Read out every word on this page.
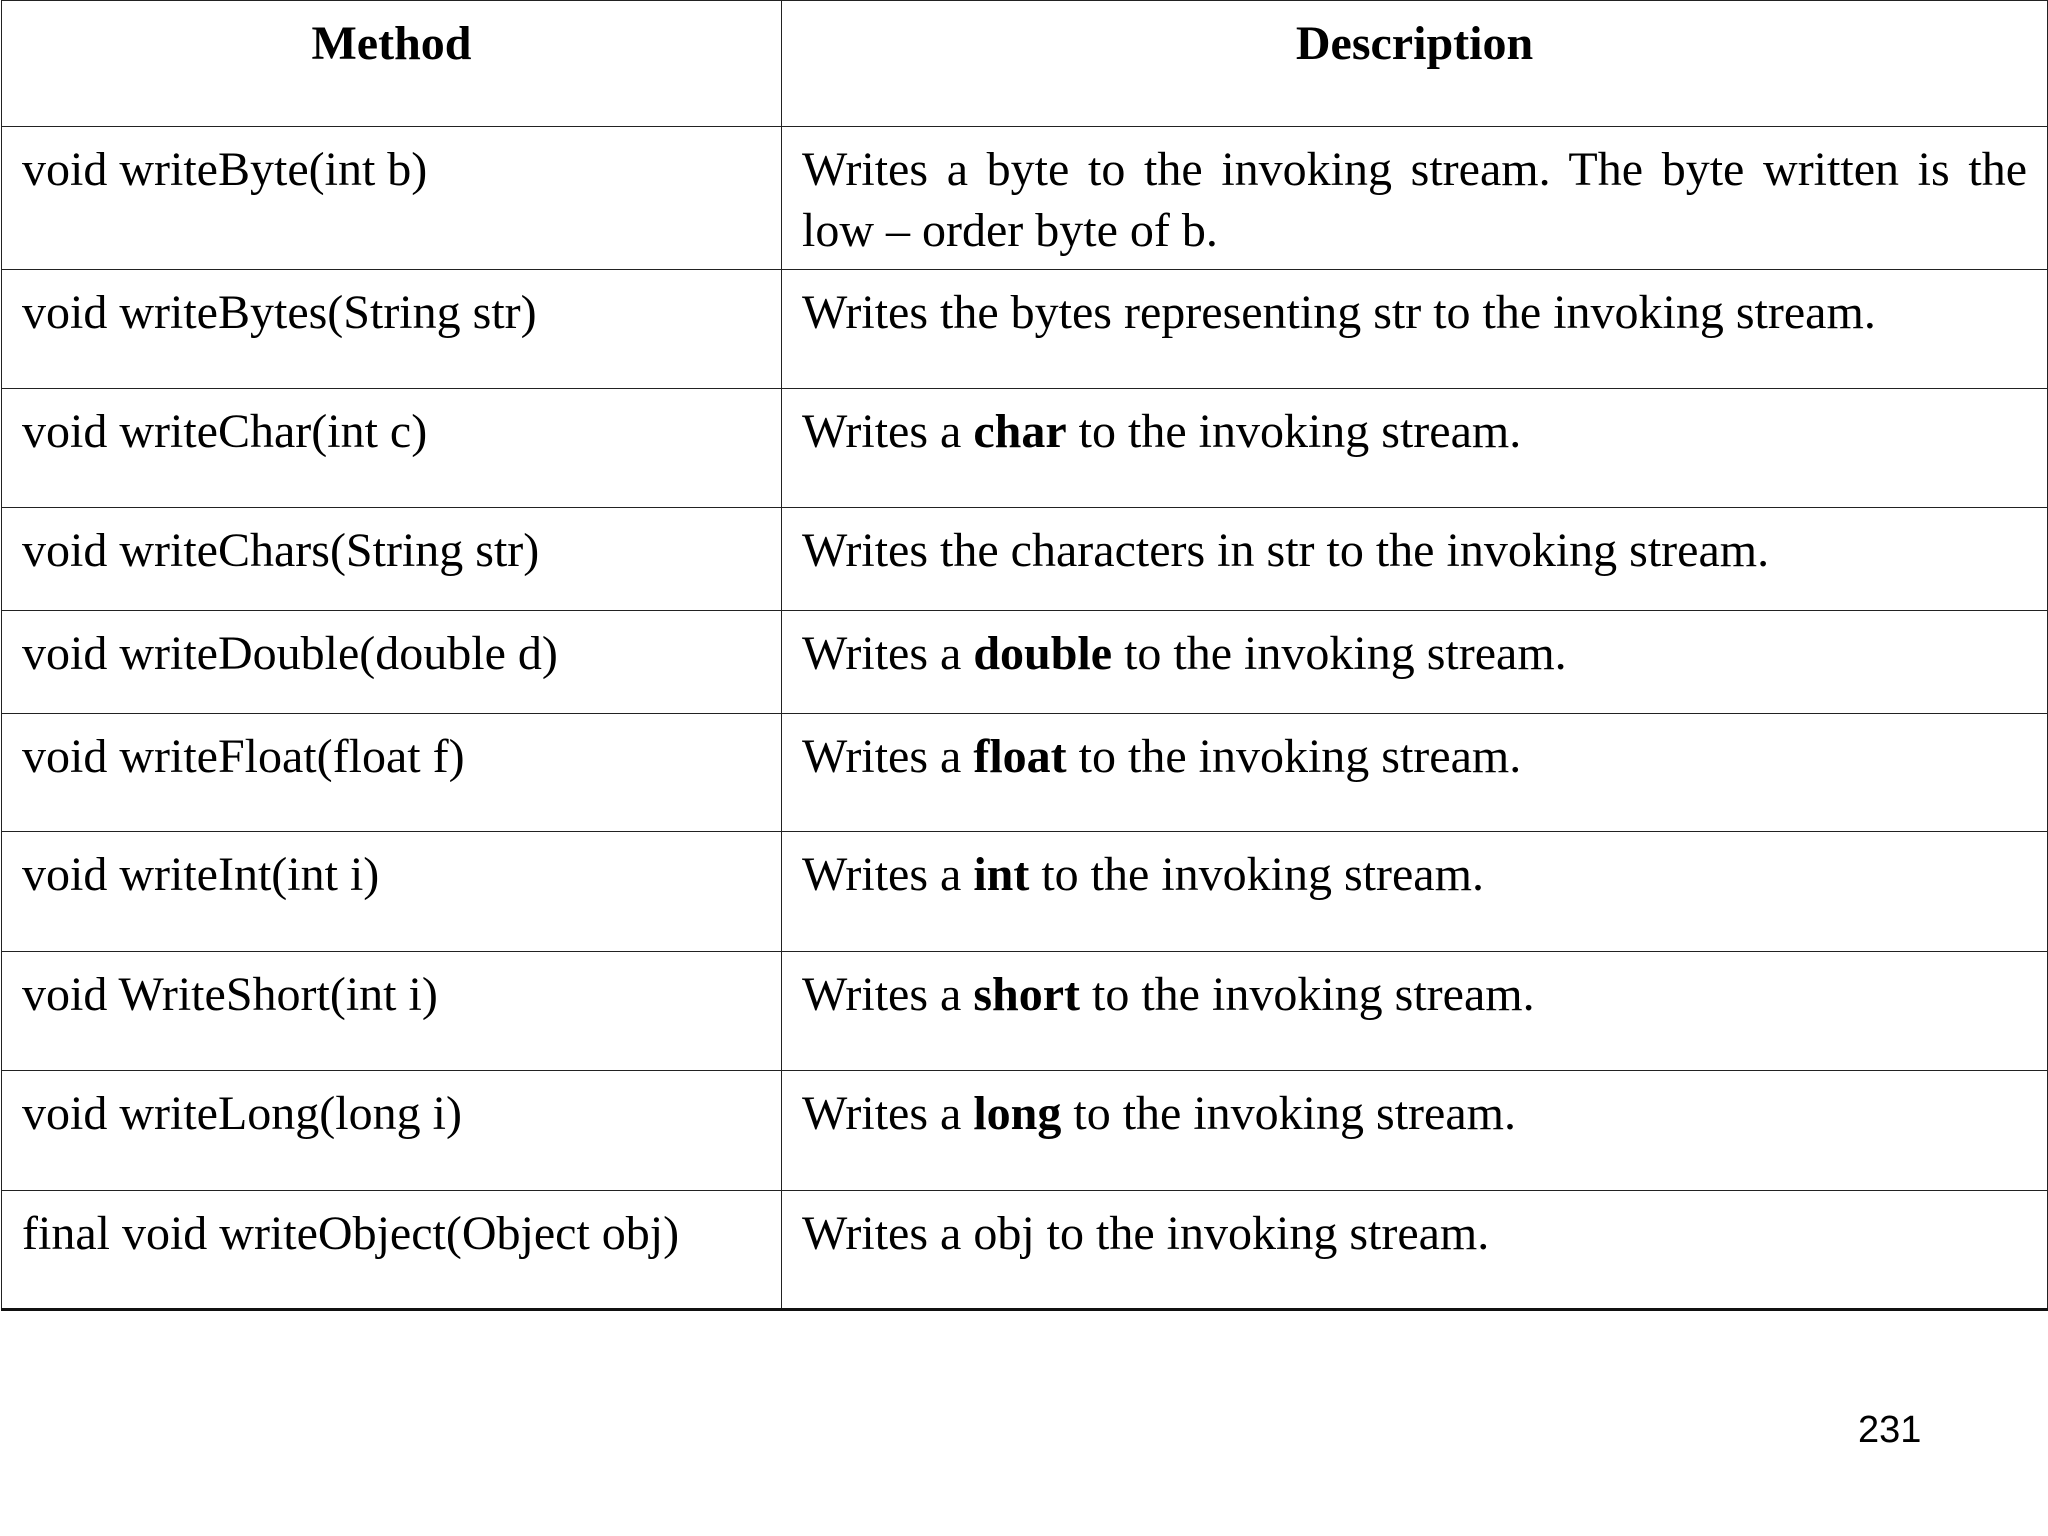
Method	Description
void writeByte(int b)	Writes a byte to the invoking stream. The byte written is the low – order byte of b.
void writeBytes(String str)	Writes the bytes representing str to the invoking stream.
void writeChar(int c)	Writes a char to the invoking stream.
void writeChars(String str)	Writes the characters in str to the invoking stream.
void writeDouble(double d)	Writes a double to the invoking stream.
void writeFloat(float f)	Writes a float to the invoking stream.
void writeInt(int i)	Writes a int to the invoking stream.
void WriteShort(int i)	Writes a short to the invoking stream.
void writeLong(long i)	Writes a long to the invoking stream.
final void writeObject(Object obj)	Writes a obj to the invoking stream.
231
